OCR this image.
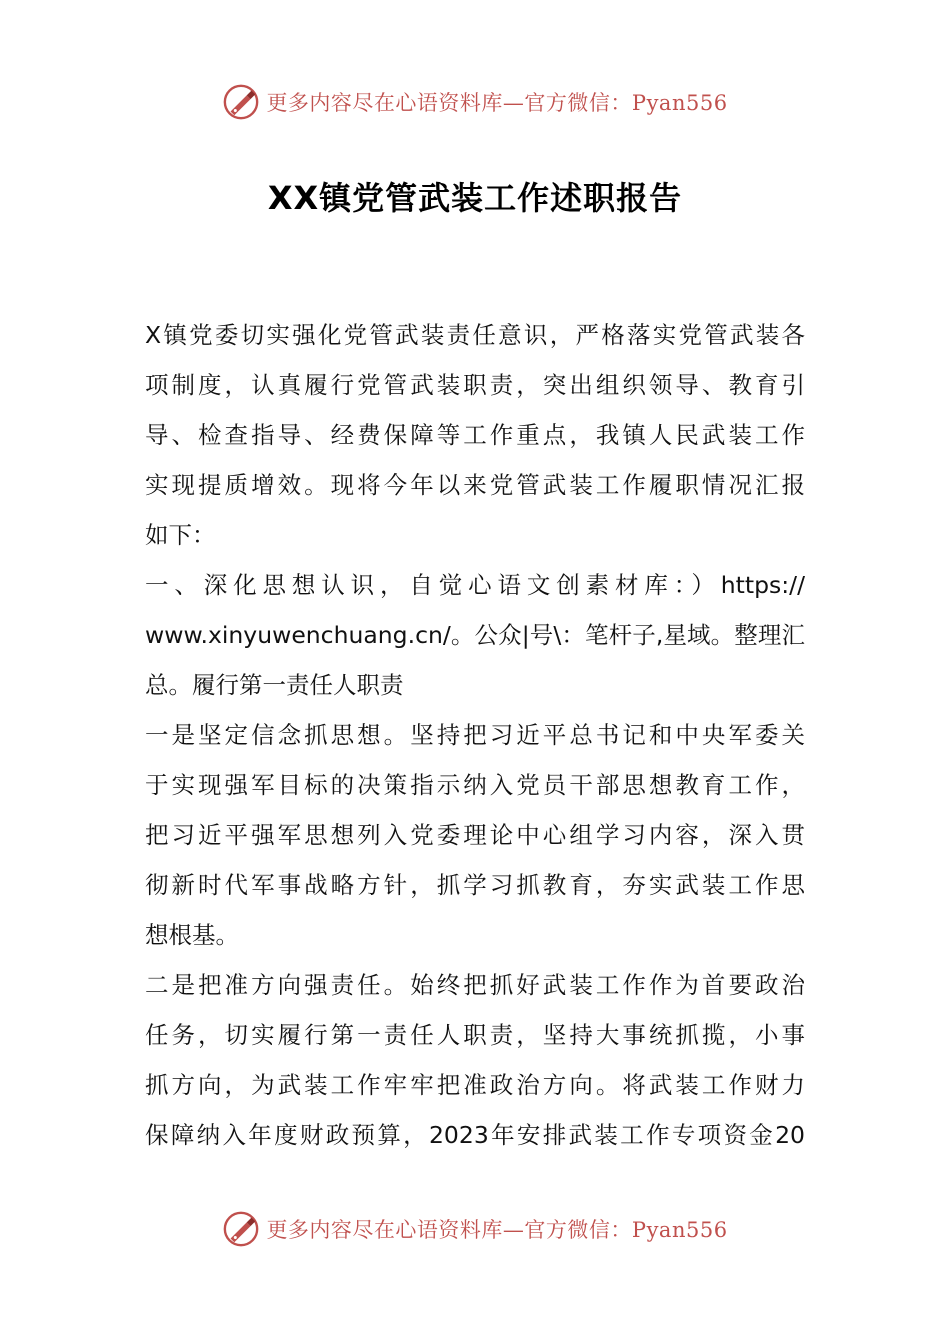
更多内容尽在心语资料库—官方微信：Pyan556
XX镇党管武装工作述职报告
X镇党委切实强化党管武装责任意识，严格落实党管武装各
项制度，认真履行党管武装职责，突出组织领导、教育引
导、检查指导、经费保障等工作重点，我镇人民武装工作
实现提质增效。现将今年以来党管武装工作履职情况汇报
如下：
一、深化思想认识，自觉心语文创素材库：）https://
www.xinyuwenchuang.cn/。公众|号\：笔杆子,星域。整理汇
总。履行第一责任人职责
一是坚定信念抓思想。坚持把习近平总书记和中央军委关
于实现强军目标的决策指示纳入党员干部思想教育工作，
把习近平强军思想列入党委理论中心组学习内容，深入贯
彻新时代军事战略方针，抓学习抓教育，夯实武装工作思
想根基。
二是把准方向强责任。始终把抓好武装工作作为首要政治
任务，切实履行第一责任人职责，坚持大事统抓揽，小事
抓方向，为武装工作牢牢把准政治方向。将武装工作财力
保障纳入年度财政预算，2023年安排武装工作专项资金20
更多内容尽在心语资料库—官方微信：Pyan556
